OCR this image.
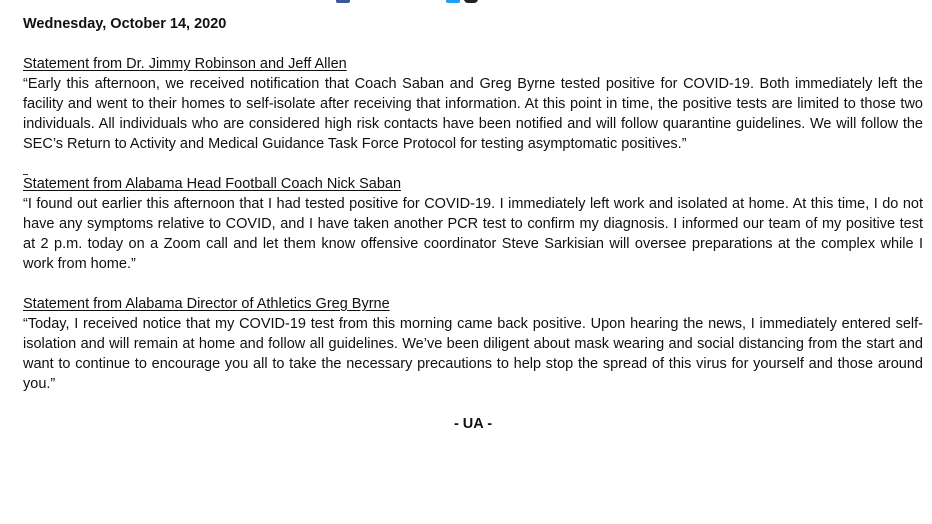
Wednesday, October 14, 2020

Statement from Dr. Jimmy Robinson and Jeff Allen

“Early this afternoon, we received notification that Coach Saban and Greg Byrne tested positive for COVID-19. Both immediately left the facility and went to their homes to self-isolate after receiving that information. At this point in time, the positive tests are limited to those two individuals. All individuals who are considered high risk contacts have been notified and will follow quarantine guidelines. We will follow the SEC’s Return to Activity and Medical Guidance Task Force Protocol for testing asymptomatic positives.”

Statement from Alabama Head Football Coach Nick Saban

“I found out earlier this afternoon that I had tested positive for COVID-19. I immediately left work and isolated at home. At this time, I do not have any symptoms relative to COVID, and I have taken another PCR test to confirm my diagnosis. I informed our team of my positive test at 2 p.m. today on a Zoom call and let them know offensive coordinator Steve Sarkisian will oversee preparations at the complex while I work from home.”

Statement from Alabama Director of Athletics Greg Byrne

“Today, I received notice that my COVID-19 test from this morning came back positive. Upon hearing the news, I immediately entered self-isolation and will remain at home and follow all guidelines. We’ve been diligent about mask wearing and social distancing from the start and want to continue to encourage you all to take the necessary precautions to help stop the spread of this virus for yourself and those around you.”

- UA -
